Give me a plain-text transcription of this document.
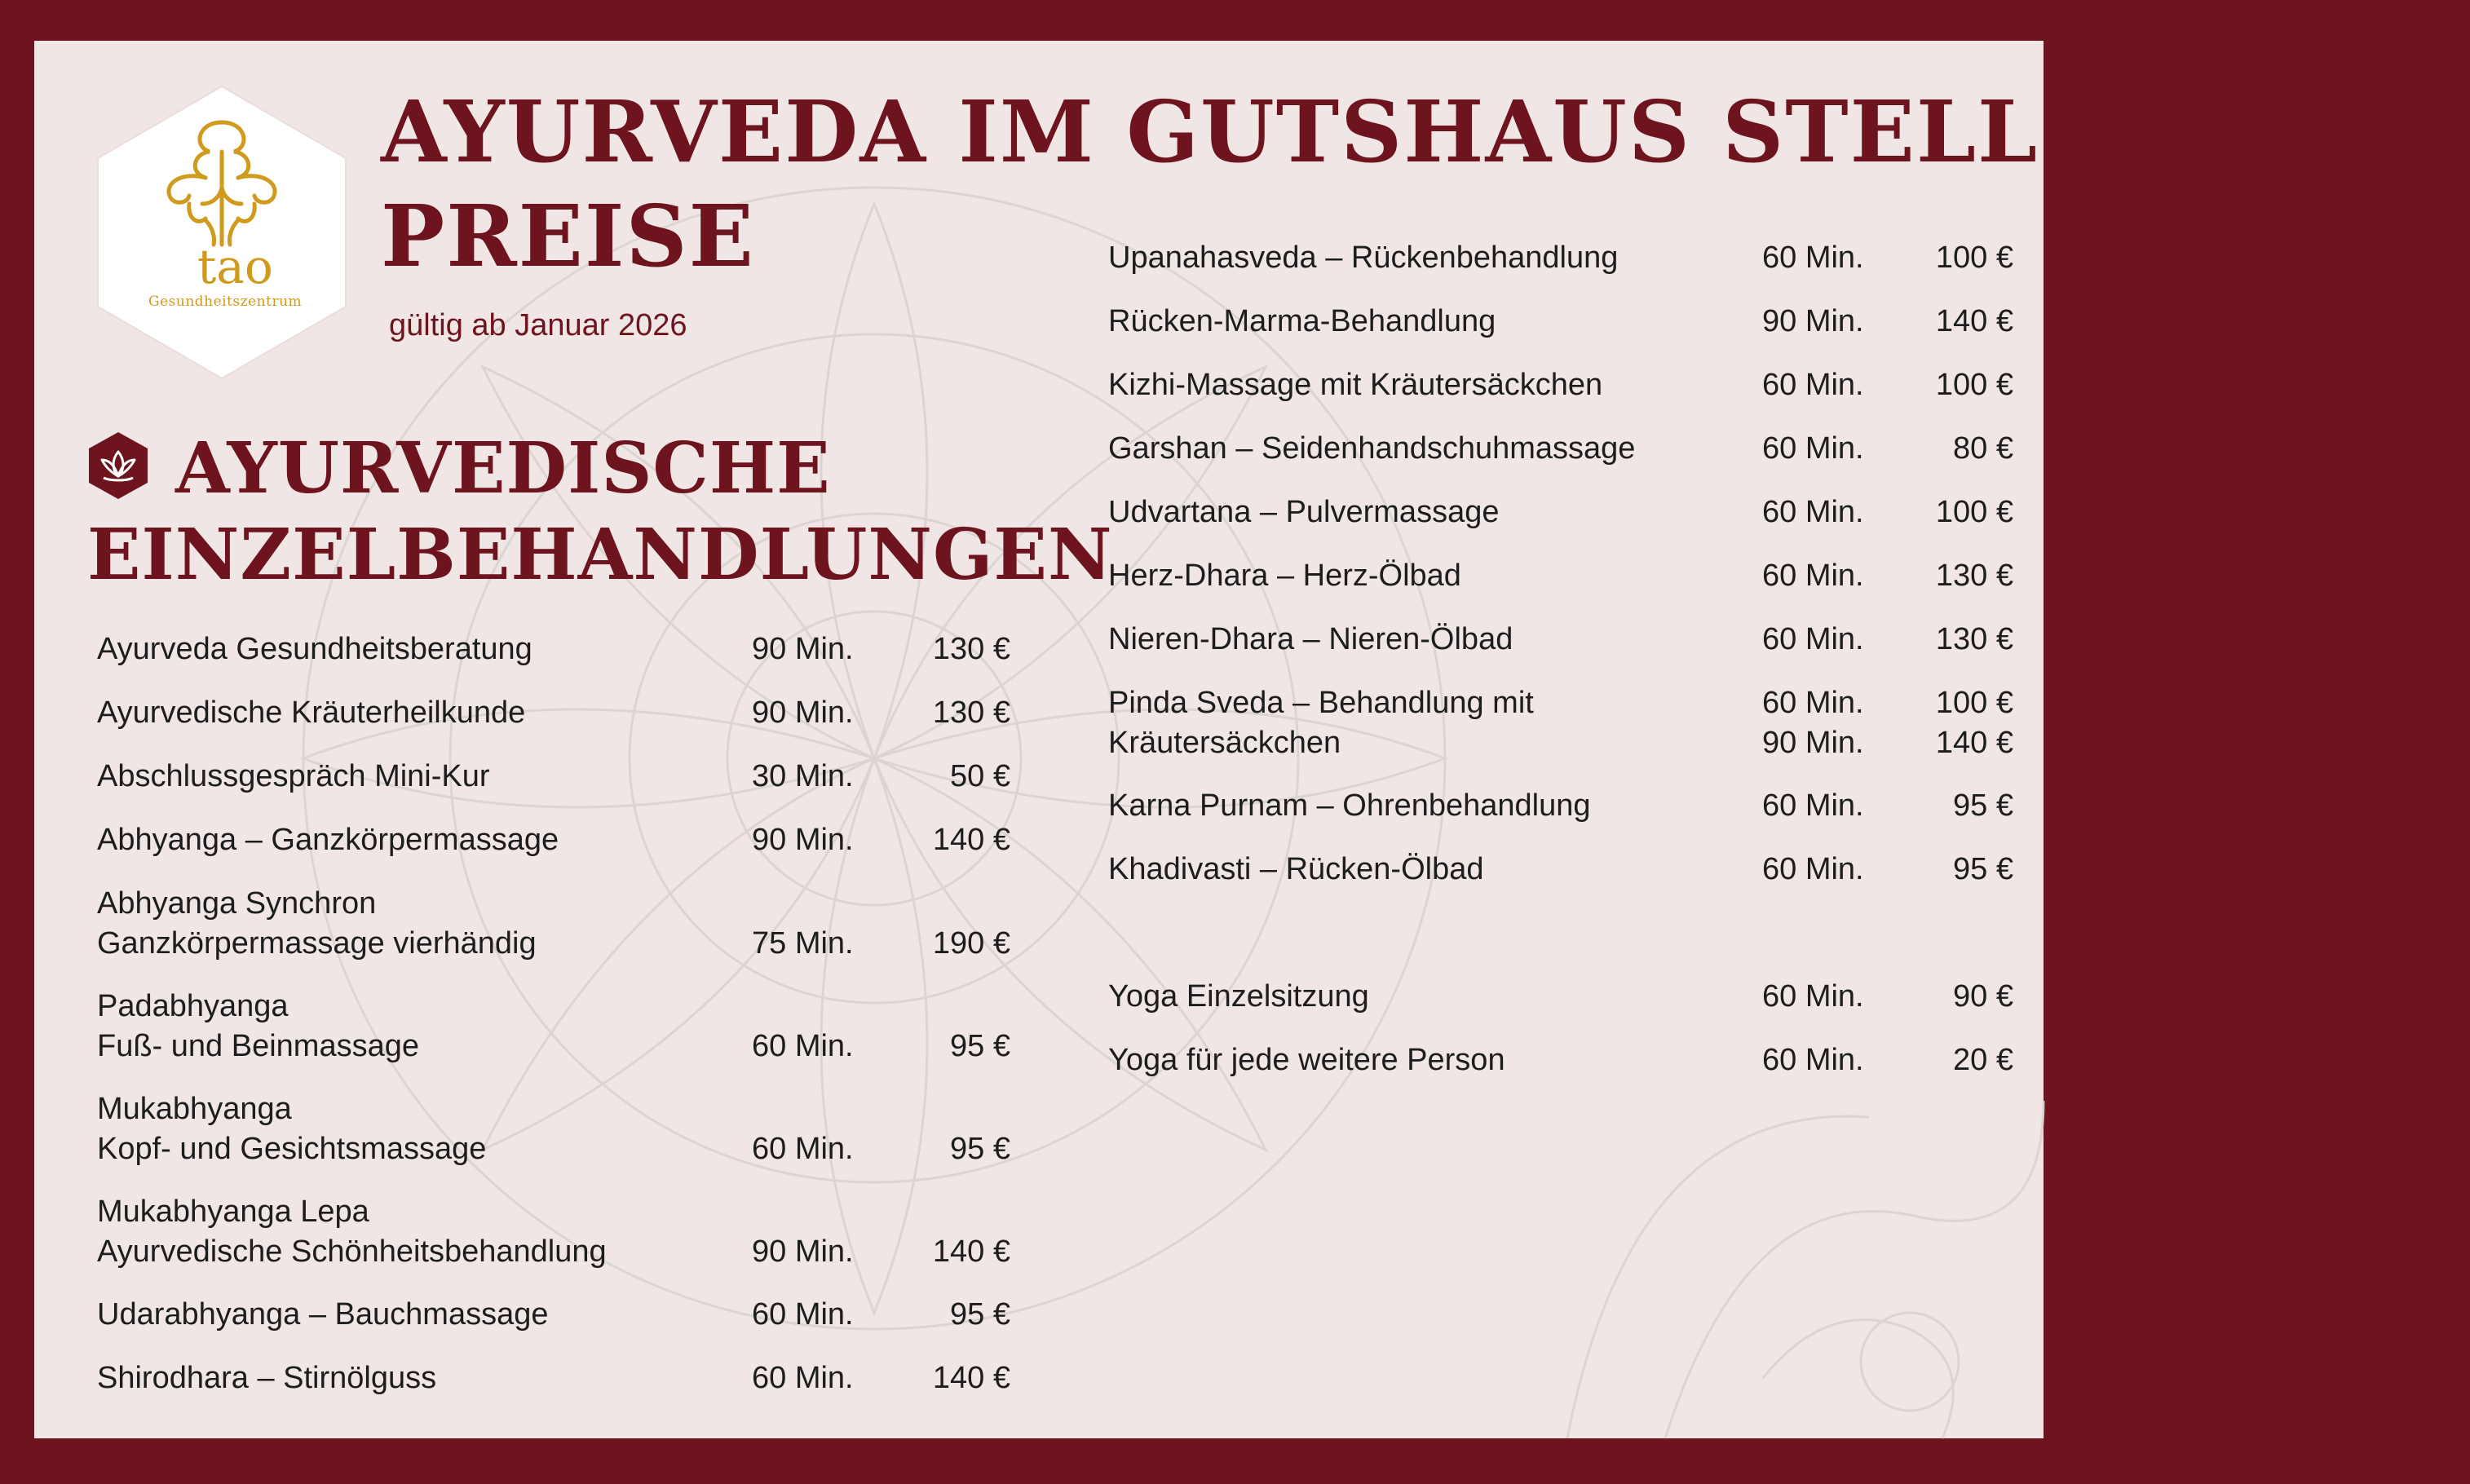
tao
Gesundheitszentrum
AYURVEDA IM GUTSHAUS STELLSHAGEN
PREISE
gültig ab Januar 2026
AYURVEDISCHE
EINZELBEHANDLUNGEN
Ayurveda Gesundheitsberatung	90 Min.	130 €
Ayurvedische Kräuterheilkunde	90 Min.	130 €
Abschlussgespräch Mini-Kur	30 Min.	50 €
Abhyanga – Ganzkörpermassage	90 Min.	140 €
Abhyanga Synchron
Ganzkörpermassage vierhändig	75 Min.	190 €
Padabhyanga
Fuß- und Beinmassage	60 Min.	95 €
Mukabhyanga
Kopf- und Gesichtsmassage	60 Min.	95 €
Mukabhyanga Lepa
Ayurvedische Schönheitsbehandlung	90 Min.	140 €
Udarabhyanga – Bauchmassage	60 Min.	95 €
Shirodhara – Stirnölguss	60 Min.	140 €
Upanahasveda – Rückenbehandlung	60 Min.	100 €
Rücken-Marma-Behandlung	90 Min.	140 €
Kizhi-Massage mit Kräutersäckchen	60 Min.	100 €
Garshan – Seidenhandschuhmassage	60 Min.	80 €
Udvartana – Pulvermassage	60 Min.	100 €
Herz-Dhara – Herz-Ölbad	60 Min.	130 €
Nieren-Dhara – Nieren-Ölbad	60 Min.	130 €
Pinda Sveda – Behandlung mit
Kräutersäckchen
60 Min.	100 €
90 Min.	140 €
Karna Purnam – Ohrenbehandlung	60 Min.	95 €
Khadivasti – Rücken-Ölbad	60 Min.	95 €
Yoga Einzelsitzung	60 Min.	90 €
Yoga für jede weitere Person	60 Min.	20 €
